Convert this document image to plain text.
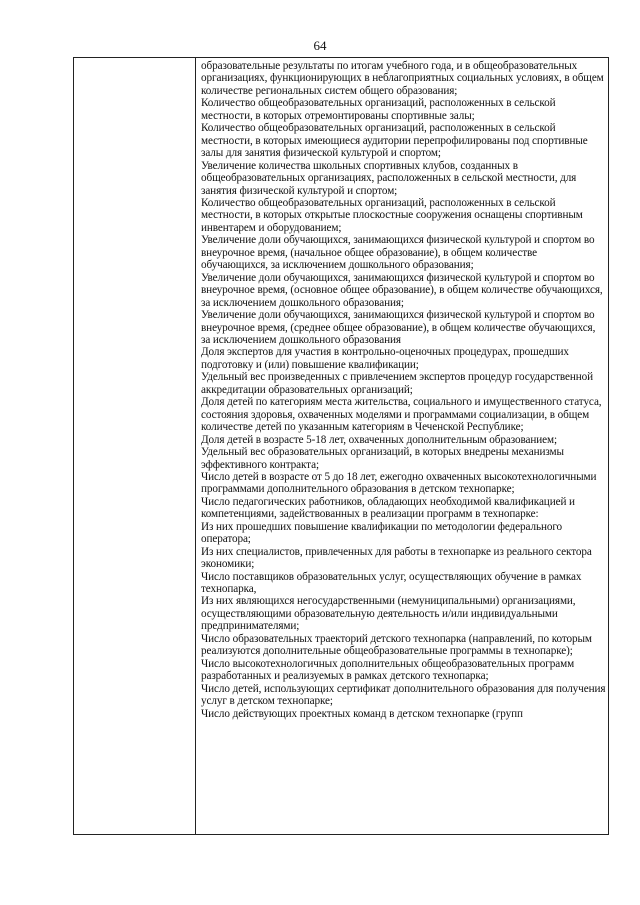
64

образовательные результаты по итогам учебного года, и в общеобразовательных организациях, функционирующих в неблагоприятных социальных условиях, в общем количестве региональных систем общего образования;

Количество общеобразовательных организаций, расположенных в сельской местности, в которых отремонтированы спортивные залы;

Количество общеобразовательных организаций, расположенных в сельской местности, в которых имеющиеся аудитории перепрофилированы под спортивные залы для занятия физической культурой и спортом;

Увеличение количества школьных спортивных клубов, созданных в общеобразовательных организациях, расположенных в сельской местности, для занятия физической культурой и спортом;

Количество общеобразовательных организаций, расположенных в сельской местности, в которых открытые плоскостные сооружения оснащены спортивным инвентарем и оборудованием;

Увеличение доли обучающихся, занимающихся физической культурой и спортом во внеурочное время, (начальное общее образование), в общем количестве обучающихся, за исключением дошкольного образования;

Увеличение доли обучающихся, занимающихся физической культурой и спортом во внеурочное время, (основное общее образование), в общем количестве обучающихся, за исключением дошкольного образования;

Увеличение доли обучающихся, занимающихся физической культурой и спортом во внеурочное время, (среднее общее образование), в общем количестве обучающихся, за исключением дошкольного образования

Доля экспертов для участия в контрольно-оценочных процедурах, прошедших подготовку и (или) повышение квалификации;

Удельный вес произведенных с привлечением экспертов процедур государственной аккредитации образовательных организаций;

Доля детей по категориям места жительства, социального и имущественного статуса, состояния здоровья, охваченных моделями и программами социализации, в общем количестве детей по указанным категориям в Чеченской Республике;

Доля детей в возрасте 5-18 лет, охваченных дополнительным образованием;

Удельный вес образовательных организаций, в которых внедрены механизмы эффективного контракта;

Число детей в возрасте от 5 до 18 лет, ежегодно охваченных высокотехнологичными программами дополнительного образования в детском технопарке;

Число педагогических работников, обладающих необходимой квалификацией и компетенциями, задействованных в реализации программ в технопарке:

Из них прошедших повышение квалификации по методологии федерального оператора;

Из них специалистов, привлеченных для работы в технопарке из реального сектора экономики;

Число поставщиков образовательных услуг, осуществляющих обучение в рамках технопарка,

Из них являющихся негосударственными (немуниципальными) организациями, осуществляющими образовательную деятельность и/или индивидуальными предпринимателями;

Число образовательных траекторий детского технопарка (направлений, по которым реализуются дополнительные общеобразовательные программы в технопарке);

Число высокотехнологичных дополнительных общеобразовательных программ разработанных и реализуемых в рамках детского технопарка;

Число детей, использующих сертификат дополнительного образования для получения услуг в детском технопарке;

Число действующих проектных команд в детском технопарке (групп
